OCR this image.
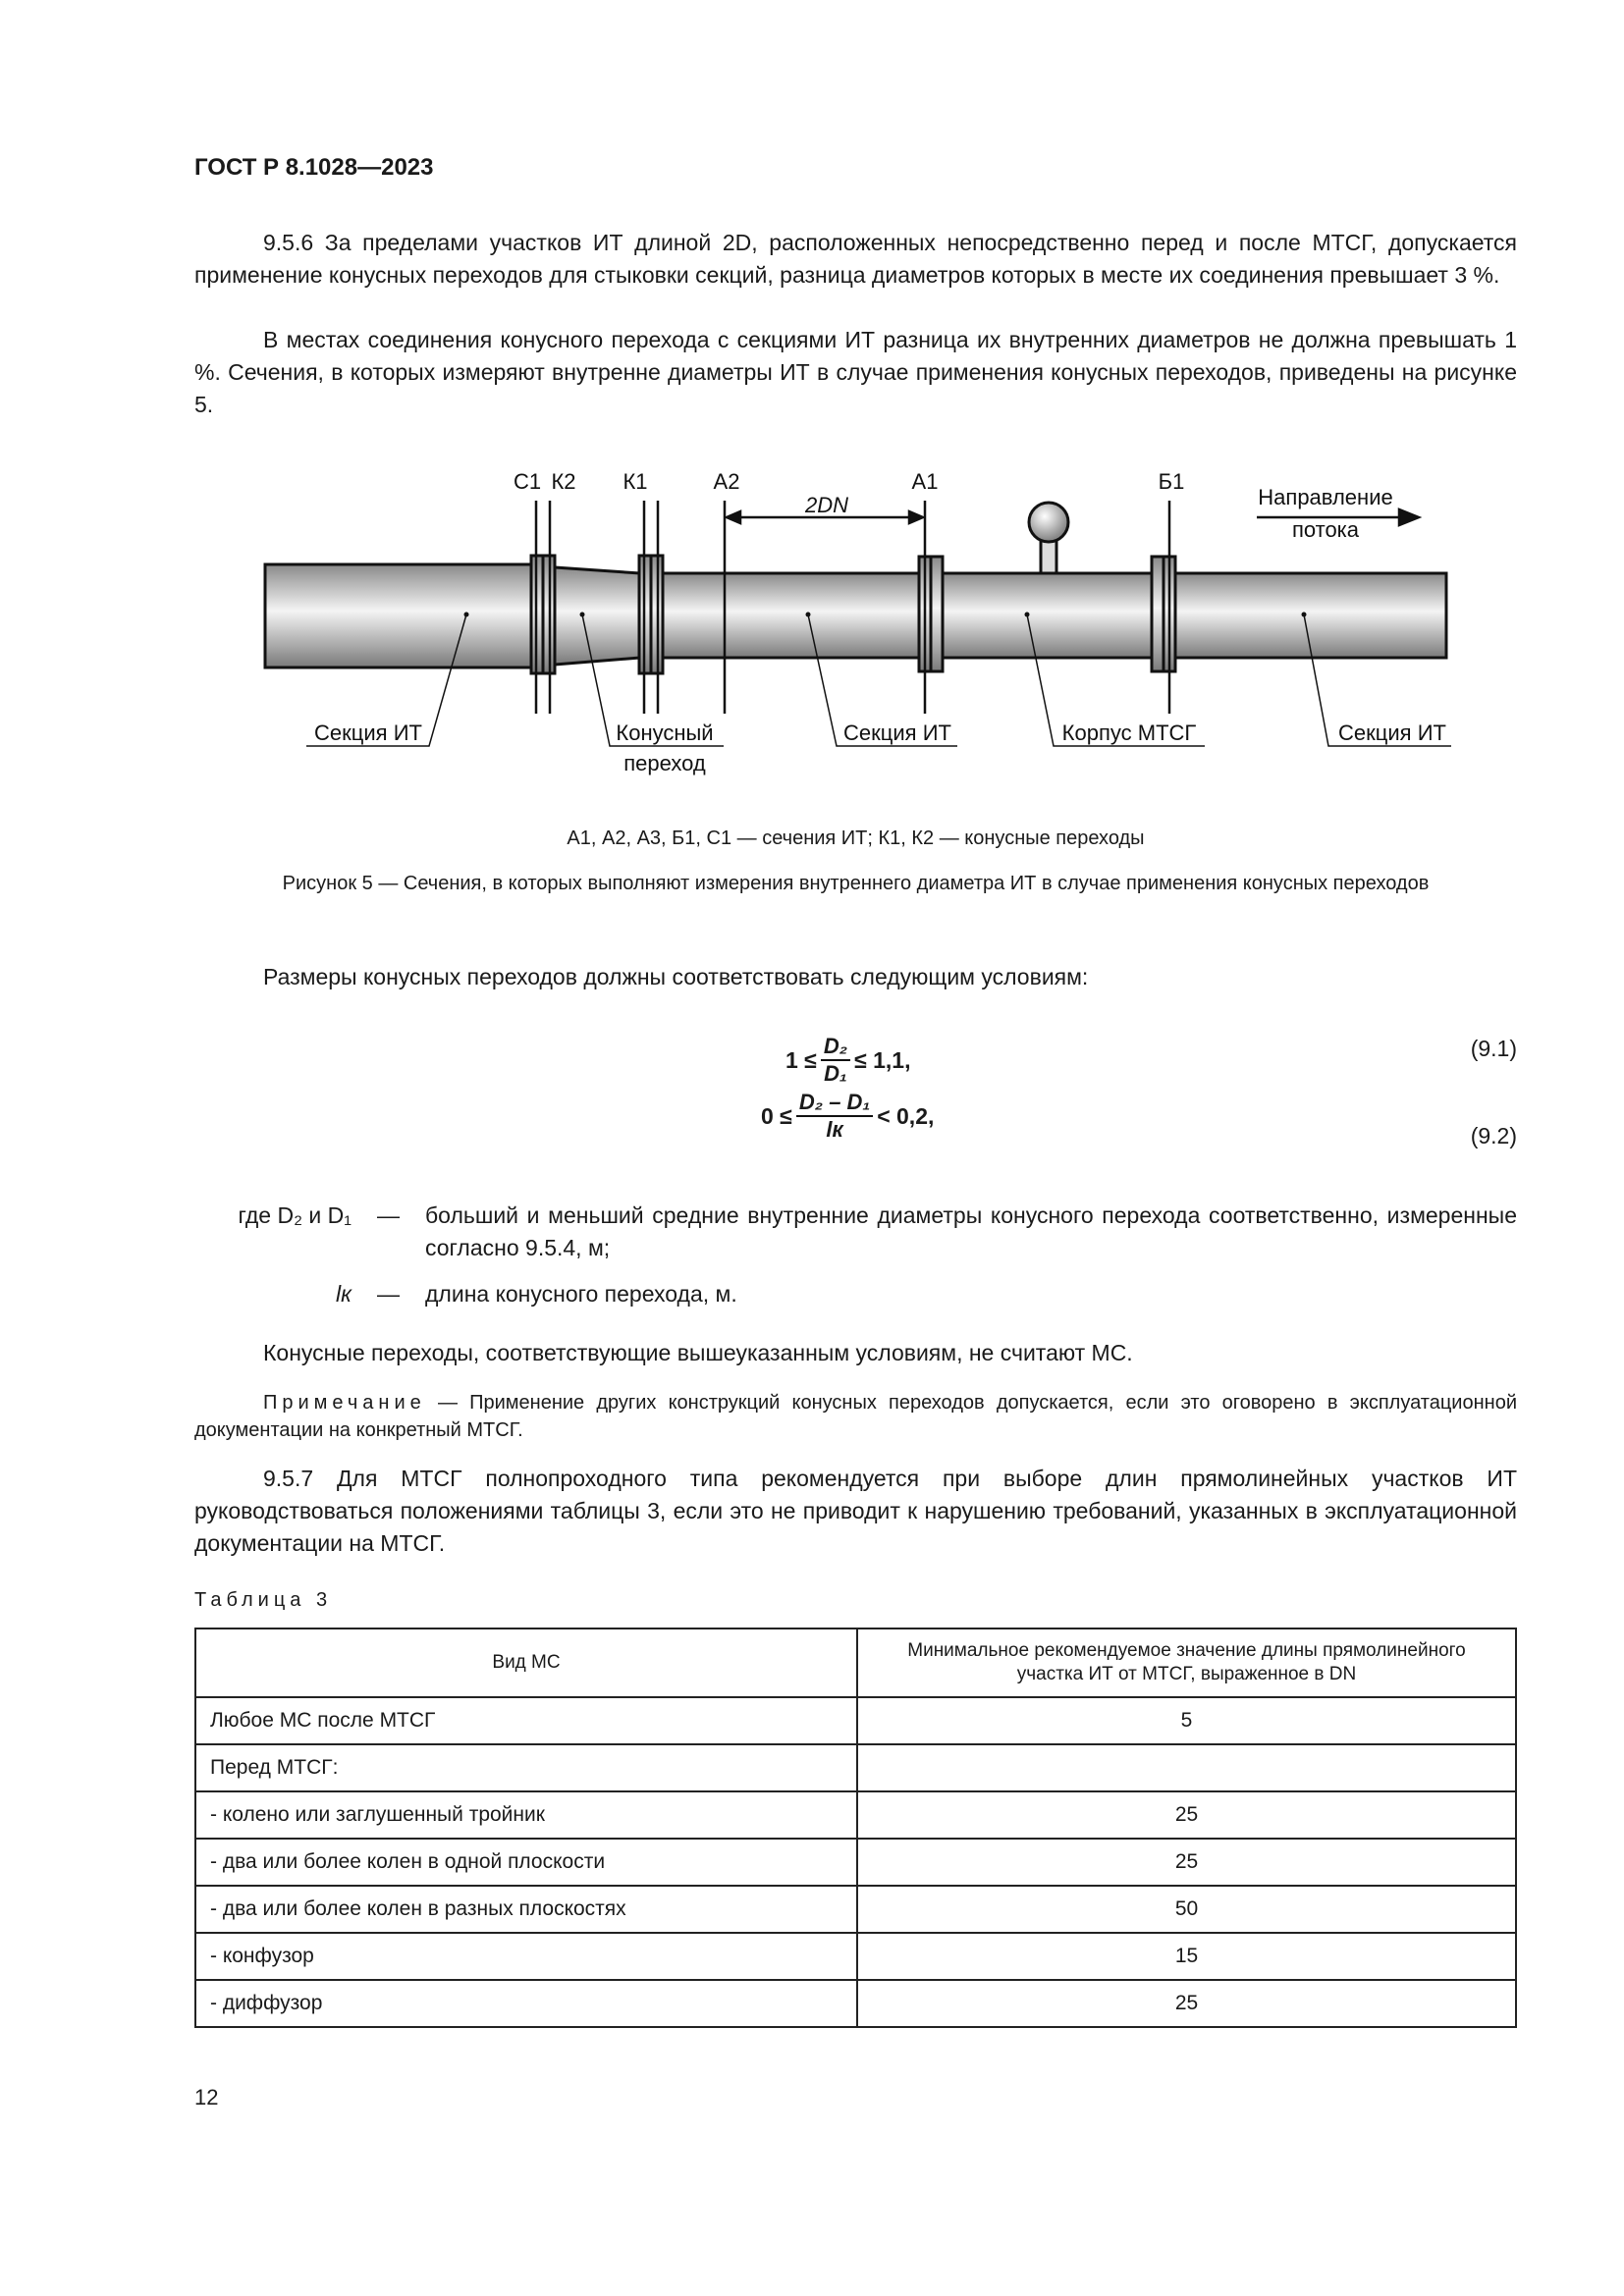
ГОСТ Р 8.1028—2023
9.5.6 За пределами участков ИТ длиной 2D, расположенных непосредственно перед и после МТСГ, допускается применение конусных переходов для стыковки секций, разница диаметров которых в месте их соединения превышает 3 %.
В местах соединения конусного перехода с секциями ИТ разница их внутренних диаметров не должна превышать 1 %. Сечения, в которых измеряют внутренне диаметры ИТ в случае применения конусных переходов, приведены на рисунке 5.
С1 К2 К1	А2	А1	Б1
2DN	Направление
потока
Секция ИТ	Конусный
переход
Секция ИТ	Корпус МТСГ	Секция ИТ
А1, А2, А3, Б1, С1 — сечения ИТ; К1, К2 — конусные переходы
Рисунок 5 — Сечения, в которых выполняют измерения внутреннего диаметра ИТ в случае применения конусных переходов
Размеры конусных переходов должны соответствовать следующим условиям:
$1 \le \frac{\text{D₂}}{\text{D₁}} \le 1,1$,	(9.1)
0 ≤
D₂ – D₁
lк
< 0,2,
(9.2)
где D₂ и D₁	—	больший и меньший средние внутренние диаметры конусного перехода соответственно, измеренные согласно 9.5.4, м;
lк	—	длина конусного перехода, м.
Конусные переходы, соответствующие вышеуказанным условиям, не считают МС.
Примечание — Применение других конструкций конусных переходов допускается, если это оговорено в эксплуатационной документации на конкретный МТСГ.
9.5.7 Для МТСГ полнопроходного типа рекомендуется при выборе длин прямолинейных участков ИТ руководствоваться положениями таблицы 3, если это не приводит к нарушению требований, указанных в эксплуатационной документации на МТСГ.
Таблица 3
Вид МС	Минимальное рекомендуемое значение длины прямолинейного участка ИТ от МТСГ, выраженное в DN
Любое МС после МТСГ	5
Перед МТСГ:	
- колено или заглушенный тройник	25
- два или более колен в одной плоскости	25
- два или более колен в разных плоскостях	50
- конфузор	15
- диффузор	25
12
